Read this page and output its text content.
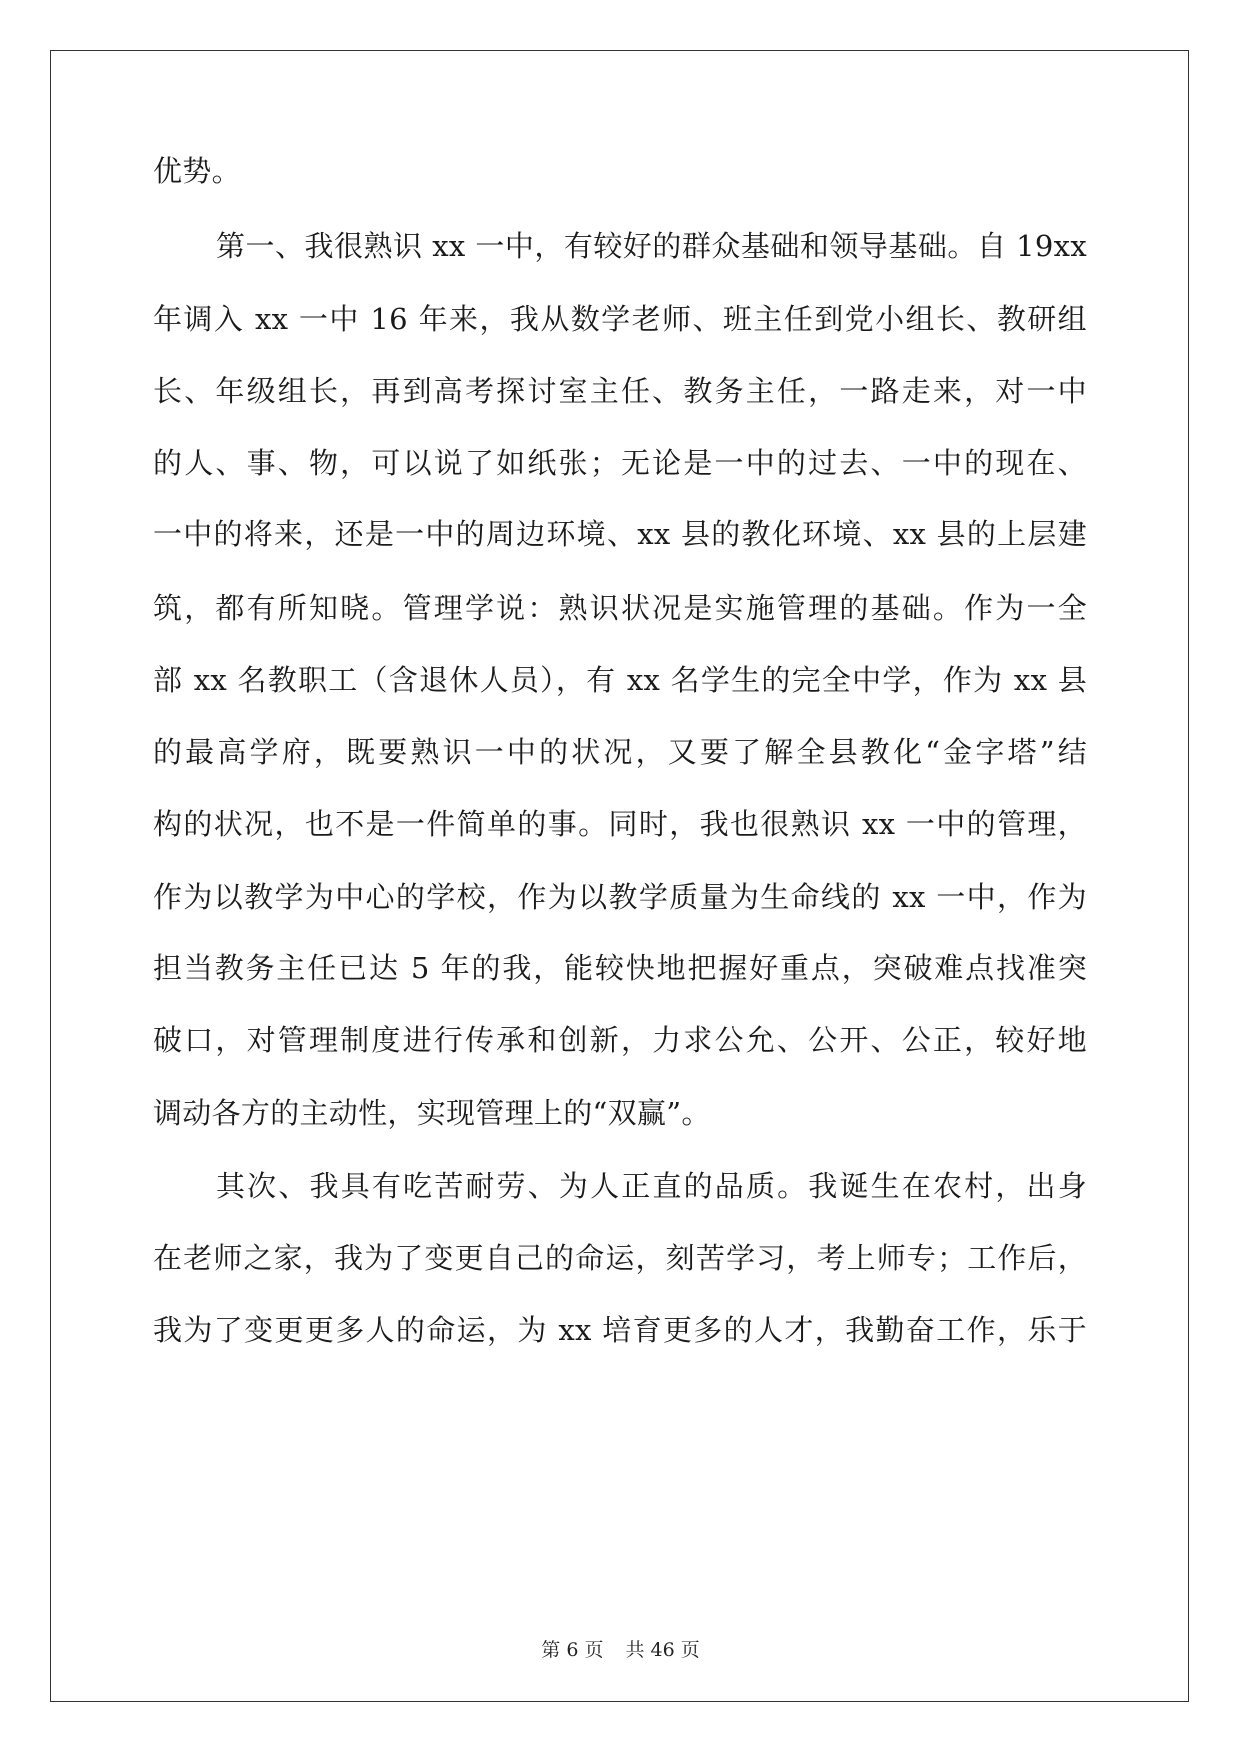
优势。
第一、我很熟识 xx 一中，有较好的群众基础和领导基础。自 19xx
年调入 xx 一中 16 年来，我从数学老师、班主任到党小组长、教研组
长、年级组长，再到高考探讨室主任、教务主任，一路走来，对一中
的人、事、物，可以说了如纸张；无论是一中的过去、一中的现在、
一中的将来，还是一中的周边环境、xx 县的教化环境、xx 县的上层建
筑，都有所知晓。管理学说：熟识状况是实施管理的基础。作为一全
部 xx 名教职工（含退休人员），有 xx 名学生的完全中学，作为 xx 县
的最高学府，既要熟识一中的状况，又要了解全县教化“金字塔”结
构的状况，也不是一件简单的事。同时，我也很熟识 xx 一中的管理，
作为以教学为中心的学校，作为以教学质量为生命线的 xx 一中，作为
担当教务主任已达 5 年的我，能较快地把握好重点，突破难点找准突
破口，对管理制度进行传承和创新，力求公允、公开、公正，较好地
调动各方的主动性，实现管理上的“双赢”。
其次、我具有吃苦耐劳、为人正直的品质。我诞生在农村，出身
在老师之家，我为了变更自己的命运，刻苦学习，考上师专；工作后，
我为了变更更多人的命运，为 xx 培育更多的人才，我勤奋工作，乐于
第 6 页 共 46 页
